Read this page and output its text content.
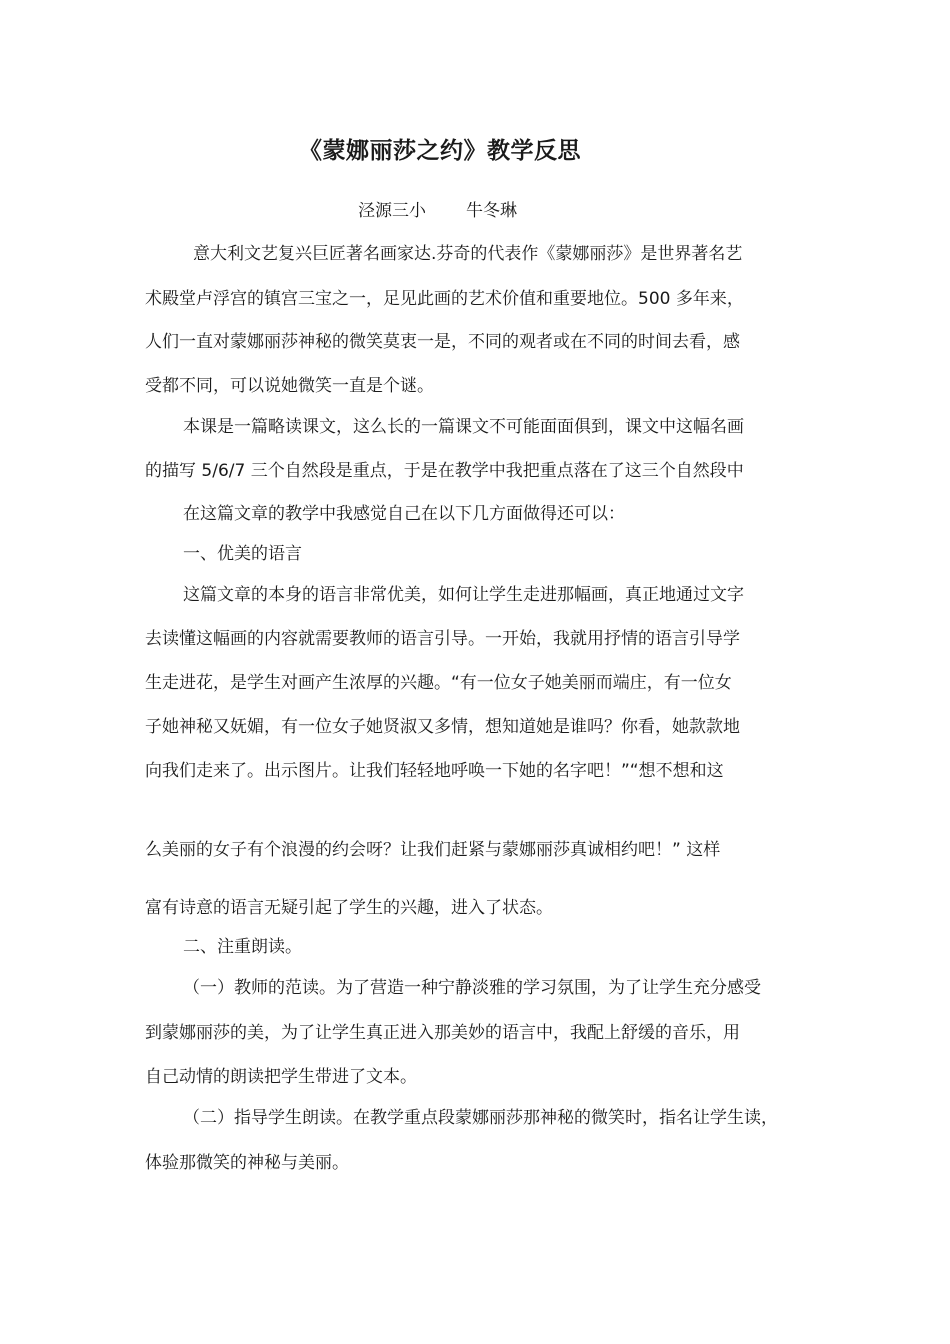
《蒙娜丽莎之约》教学反思
泾源三小 牛冬琳
意大利文艺复兴巨匠著名画家达.芬奇的代表作《蒙娜丽莎》是世界著名艺
术殿堂卢浮宫的镇宫三宝之一，足见此画的艺术价值和重要地位。500 多年来，
人们一直对蒙娜丽莎神秘的微笑莫衷一是，不同的观者或在不同的时间去看，感
受都不同，可以说她微笑一直是个谜。
本课是一篇略读课文，这么长的一篇课文不可能面面俱到，课文中这幅名画
的描写 5/6/7 三个自然段是重点，于是在教学中我把重点落在了这三个自然段中
在这篇文章的教学中我感觉自己在以下几方面做得还可以：
一、优美的语言
这篇文章的本身的语言非常优美，如何让学生走进那幅画，真正地通过文字
去读懂这幅画的内容就需要教师的语言引导。一开始，我就用抒情的语言引导学
生走进花，是学生对画产生浓厚的兴趣。“有一位女子她美丽而端庄，有一位女
子她神秘又妩媚，有一位女子她贤淑又多情，想知道她是谁吗？你看，她款款地
向我们走来了。出示图片。让我们轻轻地呼唤一下她的名字吧！”“想不想和这
么美丽的女子有个浪漫的约会呀？让我们赶紧与蒙娜丽莎真诚相约吧！” 这样
富有诗意的语言无疑引起了学生的兴趣，进入了状态。
二、注重朗读。
（一）教师的范读。为了营造一种宁静淡雅的学习氛围，为了让学生充分感受
到蒙娜丽莎的美，为了让学生真正进入那美妙的语言中，我配上舒缓的音乐，用
自己动情的朗读把学生带进了文本。
（二）指导学生朗读。在教学重点段蒙娜丽莎那神秘的微笑时，指名让学生读，
体验那微笑的神秘与美丽。
